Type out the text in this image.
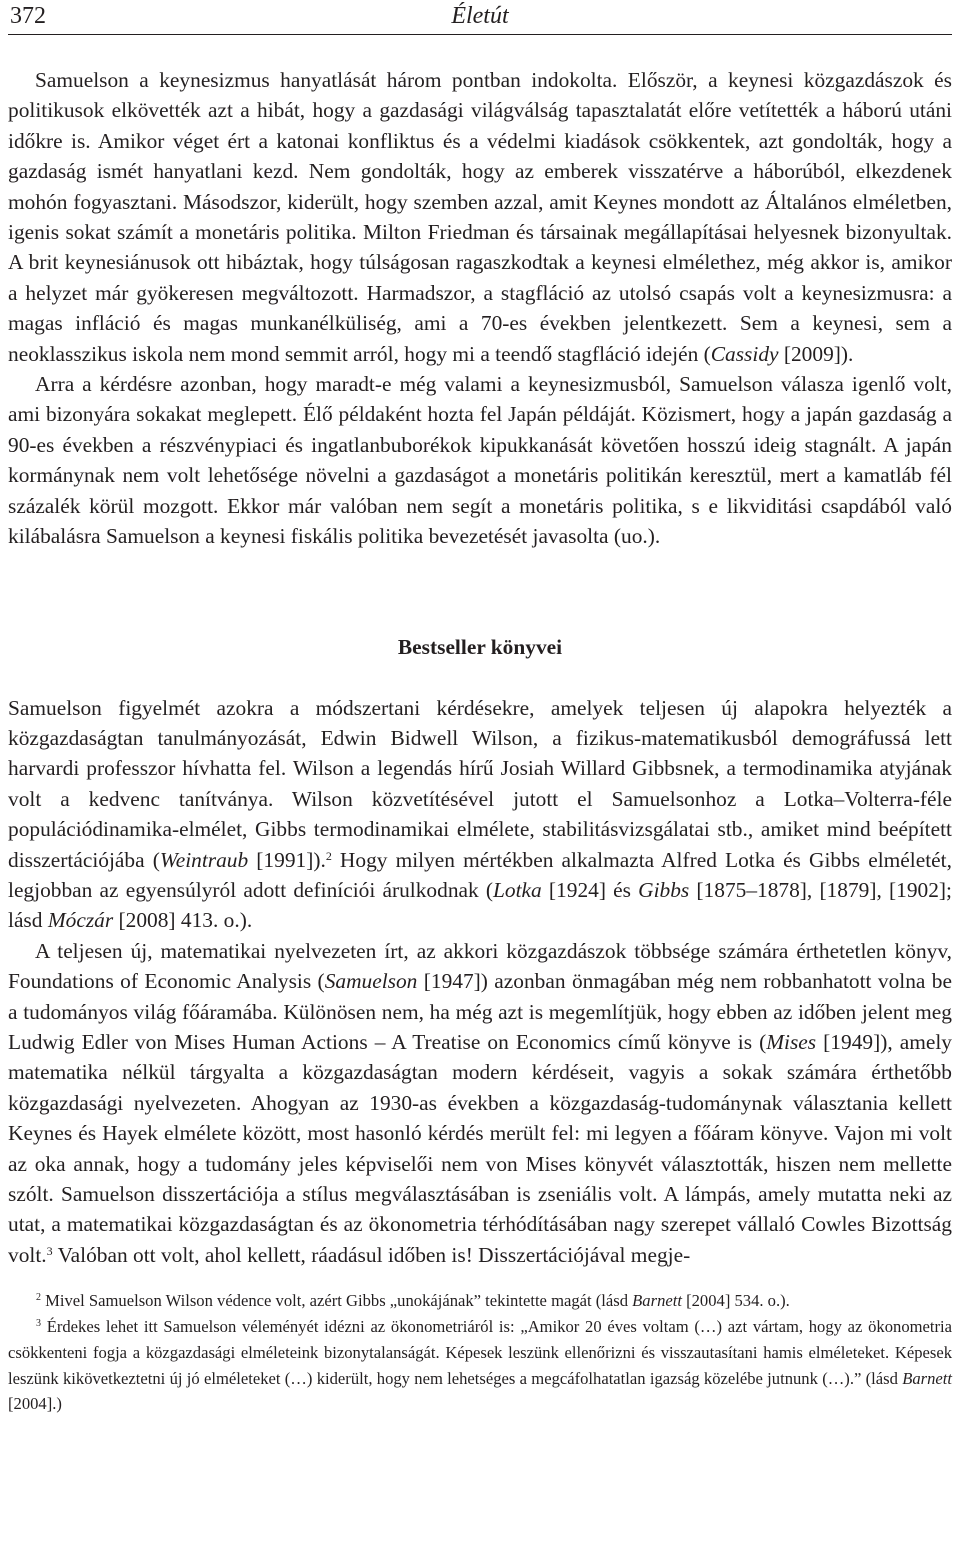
372	Életút

Samuelson a keynesizmus hanyatlását három pontban indokolta. Először, a keynesi közgazdászok és politikusok elkövették azt a hibát, hogy a gazdasági világválság tapasztalatát előre vetítették a háború utáni időkre is. Amikor véget ért a katonai konfliktus és a védelmi kiadások csökkentek, azt gondolták, hogy a gazdaság ismét hanyatlani kezd. Nem gondolták, hogy az emberek visszatérve a háborúból, elkezdenek mohón fogyasztani. Másodszor, kiderült, hogy szemben azzal, amit Keynes mondott az Általános elméletben, igenis sokat számít a monetáris politika. Milton Friedman és társainak megállapításai helyesnek bizonyultak. A brit keynesiánusok ott hibáztak, hogy túlságosan ragaszkodtak a keynesi elmélethez, még akkor is, amikor a helyzet már gyökeresen megváltozott. Harmadszor, a stagfláció az utolsó csapás volt a keynesizmusra: a magas infláció és magas munkanélküliség, ami a 70-es években jelentkezett. Sem a keynesi, sem a neoklasszikus iskola nem mond semmit arról, hogy mi a teendő stagfláció idején (Cassidy [2009]).

Arra a kérdésre azonban, hogy maradt-e még valami a keynesizmusból, Samuelson válasza igenlő volt, ami bizonyára sokakat meglepett. Élő példaként hozta fel Japán példáját. Közismert, hogy a japán gazdaság a 90-es években a részvénypiaci és ingatlanbuborékok kipukkanását követően hosszú ideig stagnált. A japán kormánynak nem volt lehetősége növelni a gazdaságot a monetáris politikán keresztül, mert a kamatláb fél százalék körül mozgott. Ekkor már valóban nem segít a monetáris politika, s e likviditási csapdából való kilábalásra Samuelson a keynesi fiskális politika bevezetését javasolta (uo.).

Bestseller könyvei

Samuelson figyelmét azokra a módszertani kérdésekre, amelyek teljesen új alapokra helyezték a közgazdaságtan tanulmányozását, Edwin Bidwell Wilson, a fizikus-matematikusból demográfussá lett harvardi professzor hívhatta fel. Wilson a legendás hírű Josiah Willard Gibbsnek, a termodinamika atyjának volt a kedvenc tanítványa. Wilson közvetítésével jutott el Samuelsonhoz a Lotka–Volterra-féle populációdinamika-elmélet, Gibbs termodinamikai elmélete, stabilitásvizsgálatai stb., amiket mind beépített disszertációjába (Weintraub [1991]).$^2$ Hogy milyen mértékben alkalmazta Alfred Lotka és Gibbs elméletét, legjobban az egyensúlyról adott definíciói árulkodnak (Lotka [1924] és Gibbs [1875–1878], [1879], [1902]; lásd Móczár [2008] 413. o.).

A teljesen új, matematikai nyelvezeten írt, az akkori közgazdászok többsége számára érthetetlen könyv, Foundations of Economic Analysis (Samuelson [1947]) azonban önmagában még nem robbanhatott volna be a tudományos világ főáramába. Különösen nem, ha még azt is megemlítjük, hogy ebben az időben jelent meg Ludwig Edler von Mises Human Actions – A Treatise on Economics című könyve is (Mises [1949]), amely matematika nélkül tárgyalta a közgazdaságtan modern kérdéseit, vagyis a sokak számára érthetőbb közgazdasági nyelvezeten. Ahogyan az 1930-as években a közgazdaság-tudománynak választania kellett Keynes és Hayek elmélete között, most hasonló kérdés merült fel: mi legyen a főáram könyve. Vajon mi volt az oka annak, hogy a tudomány jeles képviselői nem von Mises könyvét választották, hiszen nem mellette szólt. Samuelson disszertációja a stílus megválasztásában is zseniális volt. A lámpás, amely mutatta neki az utat, a matematikai közgazdaságtan és az ökonometria térhódításában nagy szerepet vállaló Cowles Bizottság volt.$^3$ Valóban ott volt, ahol kellett, ráadásul időben is! Disszertációjával megje-

$^2$ Mivel Samuelson Wilson védence volt, azért Gibbs „unokájának” tekintette magát (lásd Barnett [2004] 534. o.).

$^3$ Érdekes lehet itt Samuelson véleményét idézni az ökonometriáról is: „Amikor 20 éves voltam (…) azt vártam, hogy az ökonometria csökkenteni fogja a közgazdasági elméleteink bizonytalanságát. Képesek leszünk ellenőrizni és visszautasítani hamis elméleteket. Képesek leszünk kikövetkeztetni új jó elméleteket (…) kiderült, hogy nem lehetséges a megcáfolhatatlan igazság közelébe jutnunk (…).” (lásd Barnett [2004].)
